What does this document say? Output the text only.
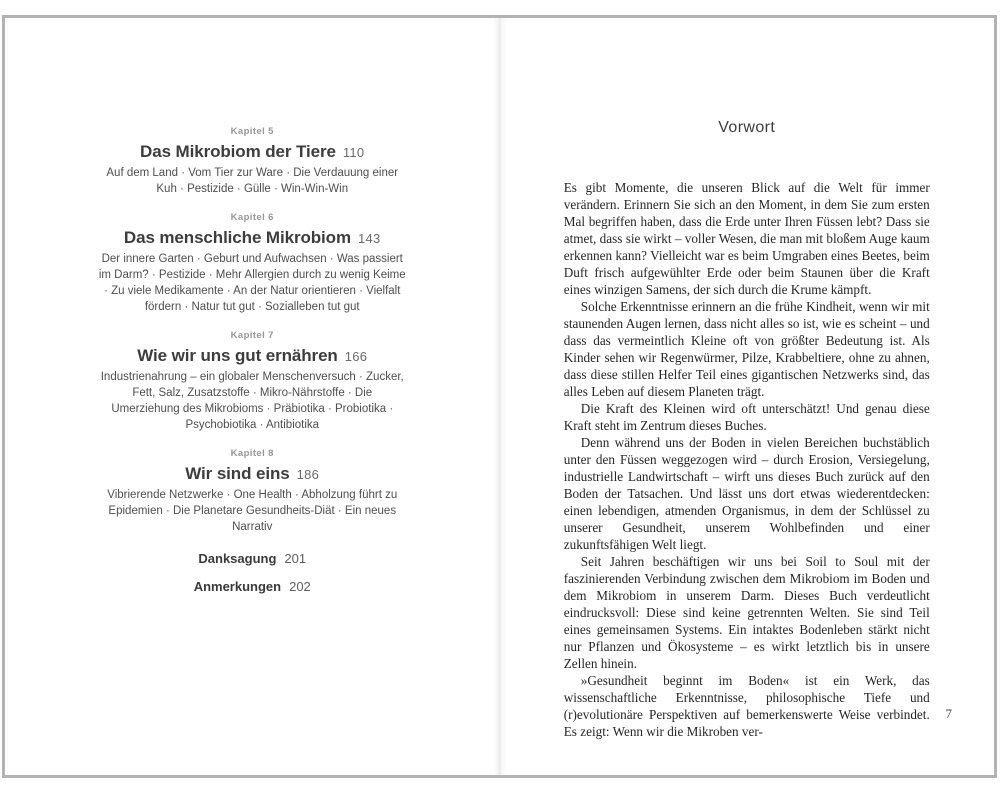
Kapitel 5
Das Mikrobiom der Tiere 110
Auf dem Land · Vom Tier zur Ware · Die Verdauung einer Kuh · Pestizide · Gülle · Win-Win-Win
Kapitel 6
Das menschliche Mikrobiom 143
Der innere Garten · Geburt und Aufwachsen · Was passiert im Darm? · Pestizide · Mehr Allergien durch zu wenig Keime · Zu viele Medikamente · An der Natur orientieren · Vielfalt fördern · Natur tut gut · Sozialleben tut gut
Kapitel 7
Wie wir uns gut ernähren 166
Industrienahrung – ein globaler Menschenversuch · Zucker, Fett, Salz, Zusatzstoffe · Mikro-Nährstoffe · Die Umerziehung des Mikrobioms · Präbiotika · Probiotika · Psychobiotika · Antibiotika
Kapitel 8
Wir sind eins 186
Vibrierende Netzwerke · One Health · Abholzung führt zu Epidemien · Die Planetare Gesundheits-Diät · Ein neues Narrativ
Danksagung 201
Anmerkungen 202
Vorwort

Es gibt Momente, die unseren Blick auf die Welt für immer verändern. Erinnern Sie sich an den Moment, in dem Sie zum ersten Mal begriffen haben, dass die Erde unter Ihren Füssen lebt? Dass sie atmet, dass sie wirkt – voller Wesen, die man mit bloßem Auge kaum erkennen kann? Vielleicht war es beim Umgraben eines Beetes, beim Duft frisch aufgewühlter Erde oder beim Staunen über die Kraft eines winzigen Samens, der sich durch die Krume kämpft.

Solche Erkenntnisse erinnern an die frühe Kindheit, wenn wir mit staunenden Augen lernen, dass nicht alles so ist, wie es scheint – und dass das vermeintlich Kleine oft von größter Bedeutung ist. Als Kinder sehen wir Regenwürmer, Pilze, Krabbeltiere, ohne zu ahnen, dass diese stillen Helfer Teil eines gigantischen Netzwerks sind, das alles Leben auf diesem Planeten trägt.

Die Kraft des Kleinen wird oft unterschätzt! Und genau diese Kraft steht im Zentrum dieses Buches.

Denn während uns der Boden in vielen Bereichen buchstäblich unter den Füssen weggezogen wird – durch Erosion, Versiegelung, industrielle Landwirtschaft – wirft uns dieses Buch zurück auf den Boden der Tatsachen. Und lässt uns dort etwas wiederentdecken: einen lebendigen, atmenden Organismus, in dem der Schlüssel zu unserer Gesundheit, unserem Wohlbefinden und einer zukunftsfähigen Welt liegt.

Seit Jahren beschäftigen wir uns bei Soil to Soul mit der faszinierenden Verbindung zwischen dem Mikrobiom im Boden und dem Mikrobiom in unserem Darm. Dieses Buch verdeutlicht eindrucksvoll: Diese sind keine getrennten Welten. Sie sind Teil eines gemeinsamen Systems. Ein intaktes Bodenleben stärkt nicht nur Pflanzen und Ökosysteme – es wirkt letztlich bis in unsere Zellen hinein.

»Gesundheit beginnt im Boden« ist ein Werk, das wissenschaftliche Erkenntnisse, philosophische Tiefe und (r)evolutionäre Perspektiven auf bemerkenswerte Weise verbindet. Es zeigt: Wenn wir die Mikroben ver-

7
